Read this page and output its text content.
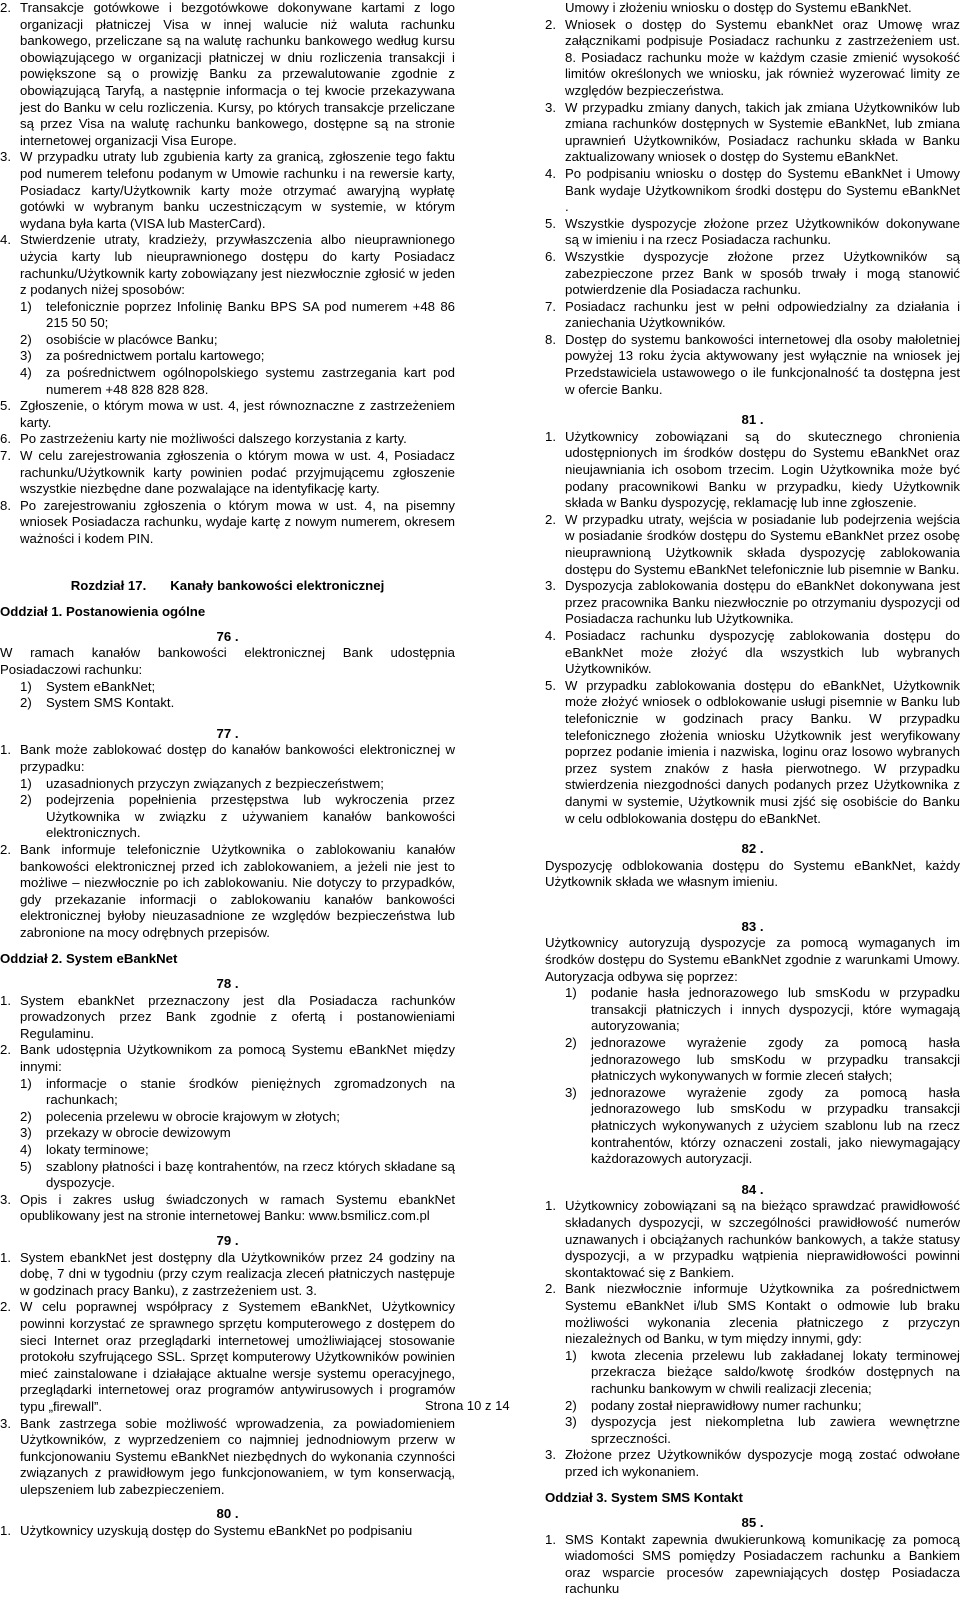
2. Transakcje gotówkowe i bezgotówkowe dokonywane kartami z logo organizacji płatniczej Visa w innej walucie niż waluta rachunku bankowego, przeliczane są na walutę rachunku bankowego według kursu obowiązującego w organizacji płatniczej w dniu rozliczenia transakcji i powiększone są o prowizję Banku za przewalutowanie zgodnie z obowiązującą Taryfą, a następnie informacja o tej kwocie przekazywana jest do Banku w celu rozliczenia. Kursy, po których transakcje przeliczane są przez Visa na walutę rachunku bankowego, dostępne są na stronie internetowej organizacji Visa Europe.
3. W przypadku utraty lub zgubienia karty za granicą, zgłoszenie tego faktu pod numerem telefonu podanym w Umowie rachunku i na rewersie karty, Posiadacz karty/Użytkownik karty może otrzymać awaryjną wypłatę gotówki w wybranym banku uczestniczącym w systemie, w którym wydana była karta (VISA lub MasterCard).
4. Stwierdzenie utraty, kradzieży, przywłaszczenia albo nieuprawnionego użycia karty lub nieuprawnionego dostępu do karty Posiadacz rachunku/Użytkownik karty zobowiązany jest niezwłocznie zgłosić w jeden z podanych niżej sposobów:
1)	telefonicznie poprzez Infolinię Banku BPS SA pod numerem +48 86 215 50 50;
2)	osobiście w placówce Banku;
3)	za pośrednictwem portalu kartowego;
4)	za pośrednictwem ogólnopolskiego systemu zastrzegania kart pod numerem +48 828 828 828.
5. Zgłoszenie, o którym mowa w ust. 4, jest równoznaczne z zastrzeżeniem karty.
6. Po zastrzeżeniu karty nie możliwości dalszego korzystania z karty.
7. W celu zarejestrowania zgłoszenia o którym mowa w ust. 4, Posiadacz rachunku/Użytkownik karty powinien podać przyjmującemu zgłoszenie wszystkie niezbędne dane pozwalające na identyfikację karty.
8. Po zarejestrowaniu zgłoszenia o którym mowa w ust. 4, na pisemny wniosek Posiadacza rachunku, wydaje kartę z nowym numerem, okresem ważności i kodem PIN.
Rozdział 17. Kanały bankowości elektronicznej
Oddział 1. Postanowienia ogólne
76 .

W ramach kanałów bankowości elektronicznej Bank udostępnia Posiadaczowi rachunku:

1)	System eBankNet;
2)	System SMS Kontakt.
77 .
1. Bank może zablokować dostęp do kanałów bankowości elektronicznej w przypadku:
1)	uzasadnionych przyczyn związanych z bezpieczeństwem;
2)	podejrzenia popełnienia przestępstwa lub wykroczenia przez Użytkownika w związku z używaniem kanałów bankowości elektronicznych.
2. Bank informuje telefonicznie Użytkownika o zablokowaniu kanałów bankowości elektronicznej przed ich zablokowaniem, a jeżeli nie jest to możliwe – niezwłocznie po ich zablokowaniu. Nie dotyczy to przypadków, gdy przekazanie informacji o zablokowaniu kanałów bankowości elektronicznej byłoby nieuzasadnione ze względów bezpieczeństwa lub zabronione na mocy odrębnych przepisów.
Oddział 2. System eBankNet
78 .
1. System ebankNet przeznaczony jest dla Posiadacza rachunków prowadzonych przez Bank zgodnie z ofertą i postanowieniami Regulaminu.
2. Bank udostępnia Użytkownikom za pomocą Systemu eBankNet między innymi:
1)	informacje o stanie środków pieniężnych zgromadzonych na rachunkach;
2)	polecenia przelewu w obrocie krajowym w złotych;
3)	przekazy w obrocie dewizowym
4)	lokaty terminowe;
5)	szablony płatności i bazę kontrahentów, na rzecz których składane są dyspozycje.
3. Opis i zakres usług świadczonych w ramach Systemu ebankNet opublikowany jest na stronie internetowej Banku: www.bsmilicz.com.pl
79 .
1. System ebankNet jest dostępny dla Użytkowników przez 24 godziny na dobę, 7 dni w tygodniu (przy czym realizacja zleceń płatniczych następuje w godzinach pracy Banku), z zastrzeżeniem ust. 3.
2. W celu poprawnej współpracy z Systemem eBankNet, Użytkownicy powinni korzystać ze sprawnego sprzętu komputerowego z dostępem do sieci Internet oraz przeglądarki internetowej umożliwiającej stosowanie protokołu szyfrującego SSL. Sprzęt komputerowy Użytkowników powinien mieć zainstalowane i działające aktualne wersje systemu operacyjnego, przeglądarki internetowej oraz programów antywirusowych i programów typu „firewall”.
3. Bank zastrzega sobie możliwość wprowadzenia, za powiadomieniem Użytkowników, z wyprzedzeniem co najmniej jednodniowym przerw w funkcjonowaniu Systemu eBankNet niezbędnych do wykonania czynności związanych z prawidłowym jego funkcjonowaniem, w tym konserwacją, ulepszeniem lub zabezpieczeniem.
80 .
1. Użytkownicy uzyskują dostęp do Systemu eBankNet po podpisaniu
Umowy i złożeniu wniosku o dostęp do Systemu eBankNet.
2. Wniosek o dostęp do Systemu ebankNet oraz Umowę wraz załącznikami podpisuje Posiadacz rachunku z zastrzeżeniem ust. 8. Posiadacz rachunku może w każdym czasie zmienić wysokość limitów określonych we wniosku, jak również wyzerować limity ze względów bezpieczeństwa.
3. W przypadku zmiany danych, takich jak zmiana Użytkowników lub zmiana rachunków dostępnych w Systemie eBankNet, lub zmiana uprawnień Użytkowników, Posiadacz rachunku składa w Banku zaktualizowany wniosek o dostęp do Systemu eBankNet.
4. Po podpisaniu wniosku o dostęp do Systemu eBankNet i Umowy Bank wydaje Użytkownikom środki dostępu do Systemu eBankNet .
5. Wszystkie dyspozycje złożone przez Użytkowników dokonywane są w imieniu i na rzecz Posiadacza rachunku.
6. Wszystkie dyspozycje złożone przez Użytkowników są zabezpieczone przez Bank w sposób trwały i mogą stanowić potwierdzenie dla Posiadacza rachunku.
7. Posiadacz rachunku jest w pełni odpowiedzialny za działania i zaniechania Użytkowników.
8. Dostęp do systemu bankowości internetowej dla osoby małoletniej powyżej 13 roku życia aktywowany jest wyłącznie na wniosek jej Przedstawiciela ustawowego o ile funkcjonalność ta dostępna jest w ofercie Banku.
81 .
1. Użytkownicy zobowiązani są do skutecznego chronienia udostępnionych im środków dostępu do Systemu eBankNet oraz nieujawniania ich osobom trzecim. Login Użytkownika może być podany pracownikowi Banku w przypadku, kiedy Użytkownik składa w Banku dyspozycję, reklamację lub inne zgłoszenie.
2. W przypadku utraty, wejścia w posiadanie lub podejrzenia wejścia w posiadanie środków dostępu do Systemu eBankNet przez osobę nieuprawnioną Użytkownik składa dyspozycję zablokowania dostępu do Systemu eBankNet telefonicznie lub pisemnie w Banku.
3. Dyspozycja zablokowania dostępu do eBankNet dokonywana jest przez pracownika Banku niezwłocznie po otrzymaniu dyspozycji od Posiadacza rachunku lub Użytkownika.
4. Posiadacz rachunku dyspozycję zablokowania dostępu do eBankNet może złożyć dla wszystkich lub wybranych Użytkowników.
5. W przypadku zablokowania dostępu do eBankNet, Użytkownik może złożyć wniosek o odblokowanie usługi pisemnie w Banku lub telefonicznie w godzinach pracy Banku. W przypadku telefonicznego złożenia wniosku Użytkownik jest weryfikowany poprzez podanie imienia i nazwiska, loginu oraz losowo wybranych przez system znaków z hasła pierwotnego. W przypadku stwierdzenia niezgodności danych podanych przez Użytkownika z danymi w systemie, Użytkownik musi zjść się osobiście do Banku w celu odblokowania dostępu do eBankNet.
82 .

Dyspozycję odblokowania dostępu do Systemu eBankNet, każdy Użytkownik składa we własnym imieniu.

83 .

Użytkownicy autoryzują dyspozycje za pomocą wymaganych im środków dostępu do Systemu eBankNet zgodnie z warunkami Umowy. Autoryzacja odbywa się poprzez:

1)	podanie hasła jednorazowego lub smsKodu w przypadku transakcji płatniczych i innych dyspozycji, które wymagają autoryzowania;
2)	jednorazowe wyrażenie zgody za pomocą hasła jednorazowego lub smsKodu w przypadku transakcji płatniczych wykonywanych w formie zleceń stałych;
3)	jednorazowe wyrażenie zgody za pomocą hasła jednorazowego lub smsKodu w przypadku transakcji płatniczych wykonywanych z użyciem szablonu lub na rzecz kontrahentów, którzy oznaczeni zostali, jako niewymagający każdorazowych autoryzacji.
84 .
1. Użytkownicy zobowiązani są na bieżąco sprawdzać prawidłowość składanych dyspozycji, w szczególności prawidłowość numerów uznawanych i obciążanych rachunków bankowych, a także statusy dyspozycji, a w przypadku wątpienia nieprawidłowości powinni skontaktować się z Bankiem.
2. Bank niezwłocznie informuje Użytkownika za pośrednictwem Systemu eBankNet i/lub SMS Kontakt o odmowie lub braku możliwości wykonania zlecenia płatniczego z przyczyn niezależnych od Banku, w tym między innymi, gdy:
1)	kwota zlecenia przelewu lub zakładanej lokaty terminowej przekracza bieżące saldo/kwotę środków dostępnych na rachunku bankowym w chwili realizacji zlecenia;
2)	podany został nieprawidłowy numer rachunku;
3)	dyspozycja jest niekompletna lub zawiera wewnętrzne sprzeczności.
3. Złożone przez Użytkowników dyspozycje mogą zostać odwołane przed ich wykonaniem.
Oddział 3. System SMS Kontakt
85 .
1. SMS Kontakt zapewnia dwukierunkową komunikację za pomocą wiadomości SMS pomiędzy Posiadaczem rachunku a Bankiem oraz wsparcie procesów zapewniających dostęp Posiadacza rachunku
Strona 10 z 14
